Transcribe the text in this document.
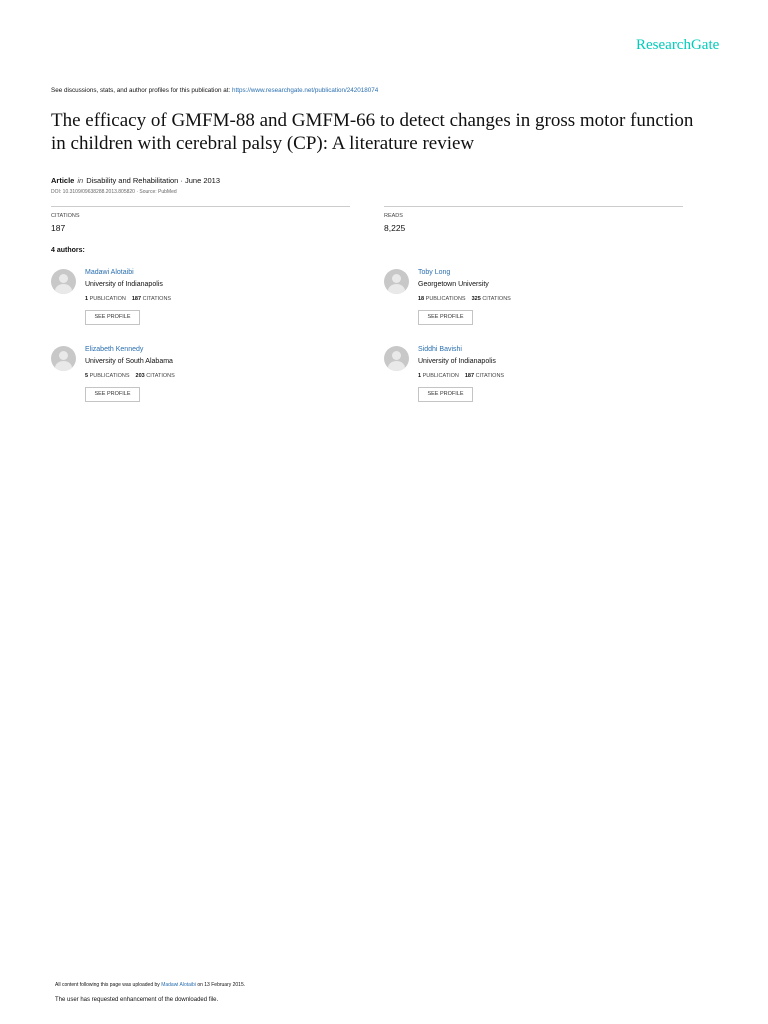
ResearchGate
See discussions, stats, and author profiles for this publication at: https://www.researchgate.net/publication/242018074
The efficacy of GMFM-88 and GMFM-66 to detect changes in gross motor function in children with cerebral palsy (CP): A literature review
Article in Disability and Rehabilitation · June 2013
DOI: 10.3109/09638288.2013.805820 · Source: PubMed
CITATIONS
187
READS
8,225
4 authors:
Madawi Alotaibi
University of Indianapolis
1 PUBLICATION 187 CITATIONS
SEE PROFILE
Toby Long
Georgetown University
18 PUBLICATIONS 325 CITATIONS
SEE PROFILE
Elizabeth Kennedy
University of South Alabama
5 PUBLICATIONS 203 CITATIONS
SEE PROFILE
Siddhi Bavishi
University of Indianapolis
1 PUBLICATION 187 CITATIONS
SEE PROFILE
All content following this page was uploaded by Madawi Alotaibi on 13 February 2015.
The user has requested enhancement of the downloaded file.
